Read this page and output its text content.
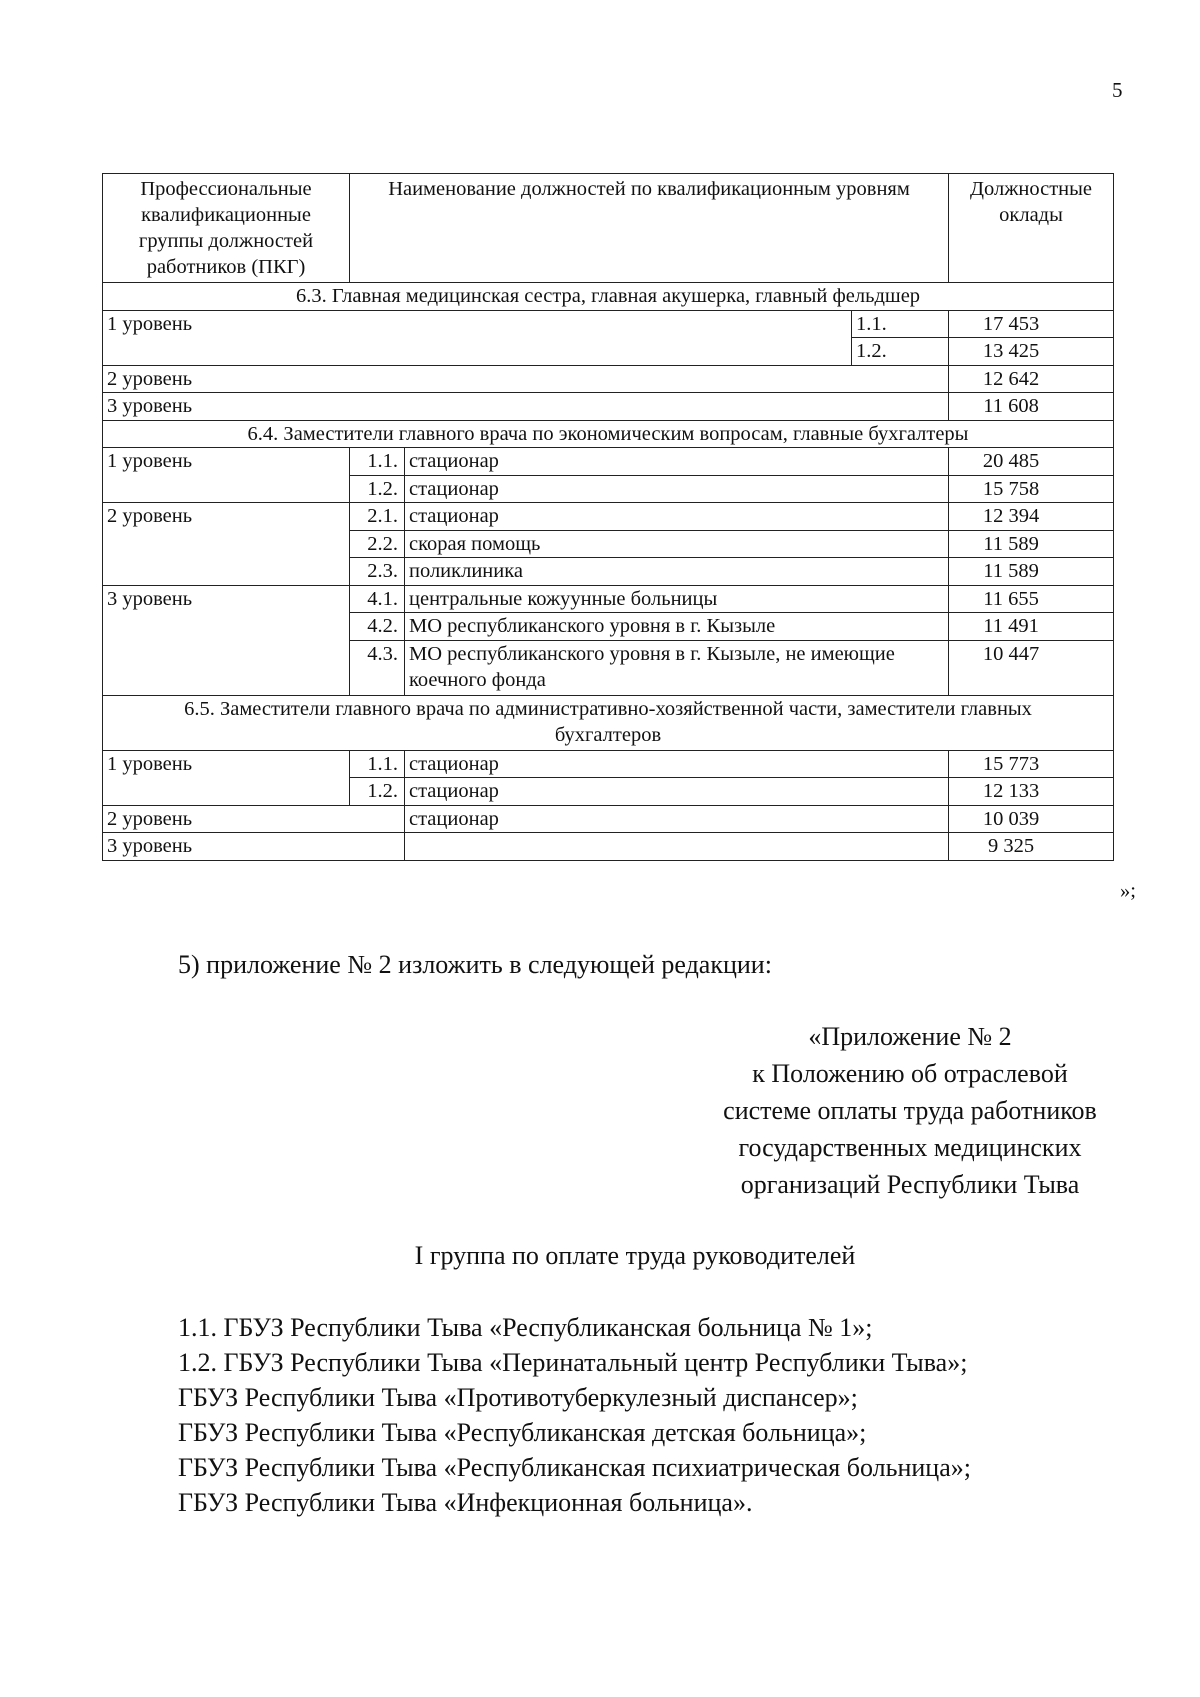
5
Профессиональные квалификационные группы должностей работников (ПКГ)	Наименование должностей по квалификационным уровням			Должностные оклады
6.3. Главная медицинская сестра, главная акушерка, главный фельдшер				
1 уровень			1.1.	17 453
			1.2.	13 425
2 уровень				12 642
3 уровень				11 608
6.4. Заместители главного врача по экономическим вопросам, главные бухгалтеры				
1 уровень	1.1.	стационар		20 485
	1.2.	стационар		15 758
2 уровень	2.1.	стационар		12 394
	2.2.	скорая помощь		11 589
	2.3.	поликлиника		11 589
3 уровень	4.1.	центральные кожуунные больницы		11 655
	4.2.	МО республиканского уровня в г. Кызыле		11 491
	4.3.	МО республиканского уровня в г. Кызыле, не имеющие коечного фонда		10 447
6.5. Заместители главного врача по административно-хозяйственной части, заместители главных бухгалтеров				
1 уровень	1.1.	стационар		15 773
	1.2.	стационар		12 133
2 уровень		стационар		10 039
3 уровень				9 325
»;
5) приложение № 2 изложить в следующей редакции:
«Приложение № 2
к Положению об отраслевой
системе оплаты труда работников
государственных медицинских
организаций Республики Тыва
I группа по оплате труда руководителей
1.1. ГБУЗ Республики Тыва «Республиканская больница № 1»;
1.2. ГБУЗ Республики Тыва «Перинатальный центр Республики Тыва»;
ГБУЗ Республики Тыва «Противотуберкулезный диспансер»;
ГБУЗ Республики Тыва «Республиканская детская больница»;
ГБУЗ Республики Тыва «Республиканская психиатрическая больница»;
ГБУЗ Республики Тыва «Инфекционная больница».
